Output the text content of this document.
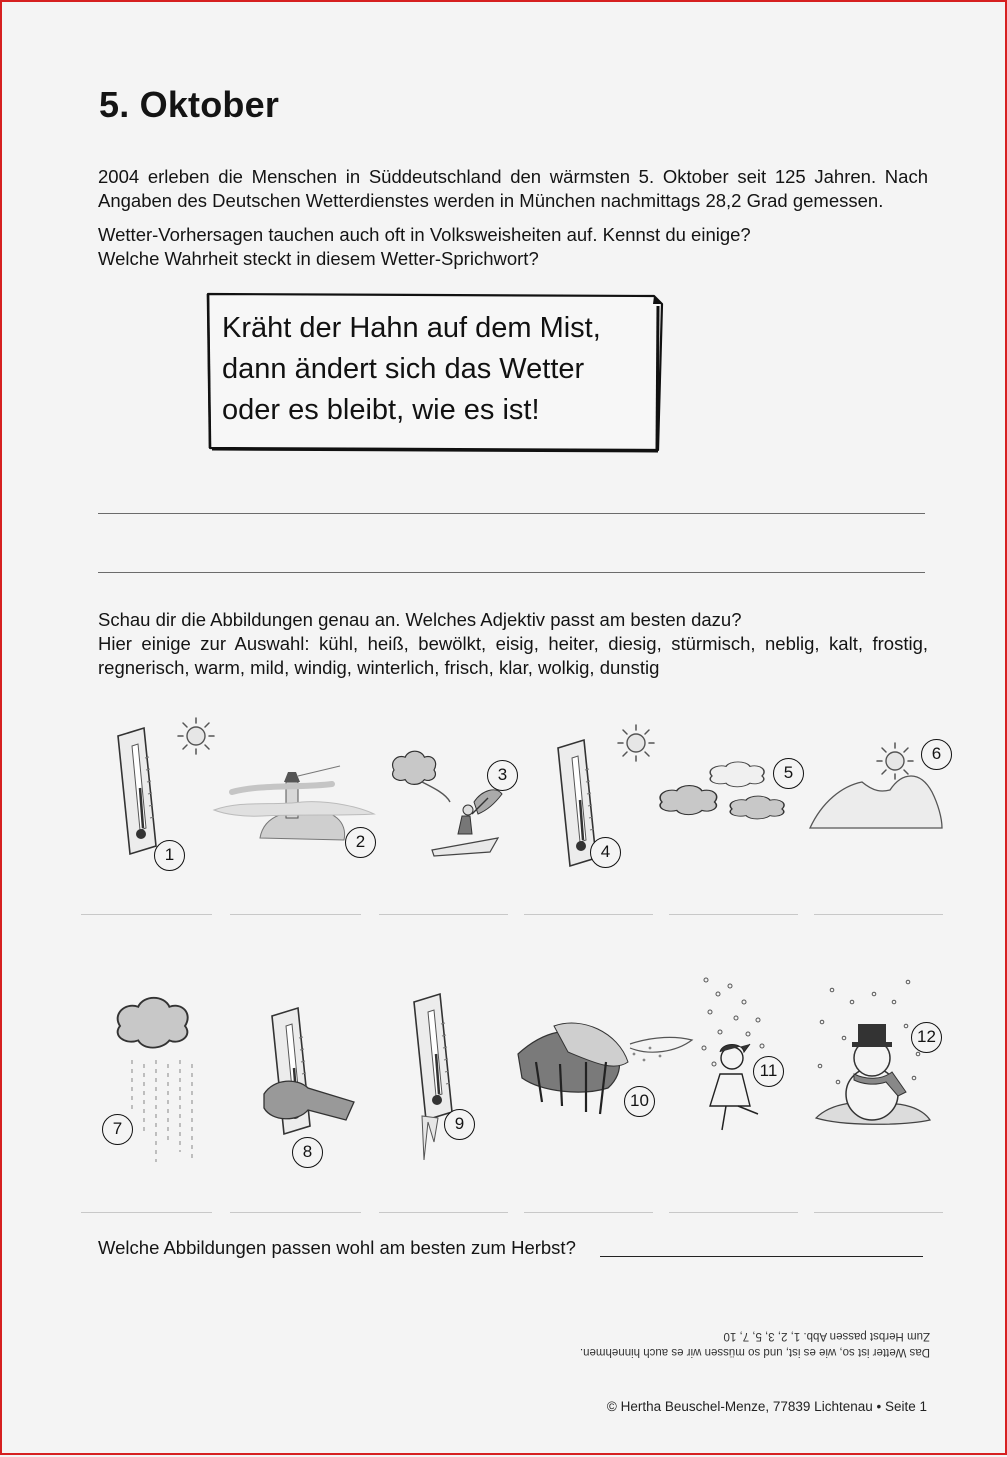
5. Oktober
2004 erleben die Menschen in Süddeutschland den wärmsten 5. Oktober seit 125 Jahren. Nach Angaben des Deutschen Wetterdienstes werden in München nachmittags 28,2 Grad gemessen.
Wetter-Vorhersagen tauchen auch oft in Volksweisheiten auf. Kennst du einige?
Welche Wahrheit steckt in diesem Wetter-Sprichwort?
Kräht der Hahn auf dem Mist,
dann ändert sich das Wetter
oder es bleibt, wie es ist!
Schau dir die Abbildungen genau an. Welches Adjektiv passt am besten dazu?
Hier einige zur Auswahl: kühl, heiß, bewölkt, eisig, heiter, diesig, stürmisch, neblig, kalt, frostig, regnerisch, warm, mild, windig, winterlich, frisch, klar, wolkig, dunstig
1
2
3
4
5
6
7
8
9
10
11
12
Welche Abbildungen passen wohl am besten zum Herbst?
Das Wetter ist so, wie es ist, und so müssen wir es auch hinnehmen.
Zum Herbst passen Abb. 1, 2, 3, 5, 7, 10
© Hertha Beuschel-Menze, 77839 Lichtenau • Seite 1
